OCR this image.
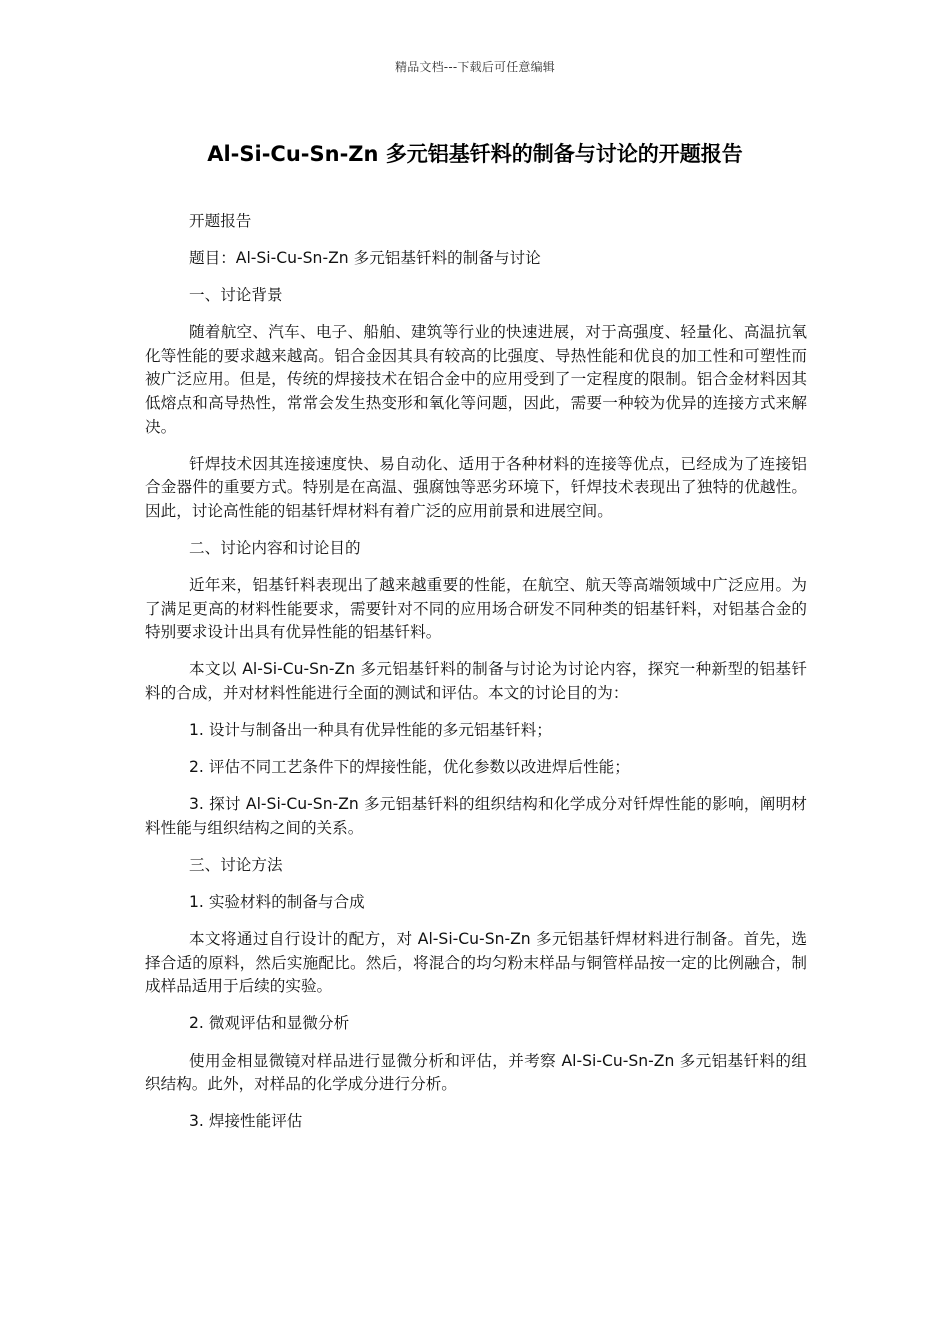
精品文档---下载后可任意编辑
Al-Si-Cu-Sn-Zn 多元铝基钎料的制备与讨论的开题报告

开题报告

题目：Al-Si-Cu-Sn-Zn 多元铝基钎料的制备与讨论

一、讨论背景

随着航空、汽车、电子、船舶、建筑等行业的快速进展，对于高强度、轻量化、高温抗氧化等性能的要求越来越高。铝合金因其具有较高的比强度、导热性能和优良的加工性和可塑性而被广泛应用。但是，传统的焊接技术在铝合金中的应用受到了一定程度的限制。铝合金材料因其低熔点和高导热性，常常会发生热变形和氧化等问题，因此，需要一种较为优异的连接方式来解决。

钎焊技术因其连接速度快、易自动化、适用于各种材料的连接等优点，已经成为了连接铝合金器件的重要方式。特别是在高温、强腐蚀等恶劣环境下，钎焊技术表现出了独特的优越性。因此，讨论高性能的铝基钎焊材料有着广泛的应用前景和进展空间。

二、讨论内容和讨论目的

近年来，铝基钎料表现出了越来越重要的性能，在航空、航天等高端领域中广泛应用。为了满足更高的材料性能要求，需要针对不同的应用场合研发不同种类的铝基钎料，对铝基合金的特别要求设计出具有优异性能的铝基钎料。

本文以 Al-Si-Cu-Sn-Zn 多元铝基钎料的制备与讨论为讨论内容，探究一种新型的铝基钎料的合成，并对材料性能进行全面的测试和评估。本文的讨论目的为：

1. 设计与制备出一种具有优异性能的多元铝基钎料；

2. 评估不同工艺条件下的焊接性能，优化参数以改进焊后性能；

3. 探讨 Al-Si-Cu-Sn-Zn 多元铝基钎料的组织结构和化学成分对钎焊性能的影响，阐明材料性能与组织结构之间的关系。

三、讨论方法

1. 实验材料的制备与合成

本文将通过自行设计的配方，对 Al-Si-Cu-Sn-Zn 多元铝基钎焊材料进行制备。首先，选择合适的原料，然后实施配比。然后，将混合的均匀粉末样品与铜管样品按一定的比例融合，制成样品适用于后续的实验。

2. 微观评估和显微分析

使用金相显微镜对样品进行显微分析和评估，并考察 Al-Si-Cu-Sn-Zn 多元铝基钎料的组织结构。此外，对样品的化学成分进行分析。

3. 焊接性能评估
